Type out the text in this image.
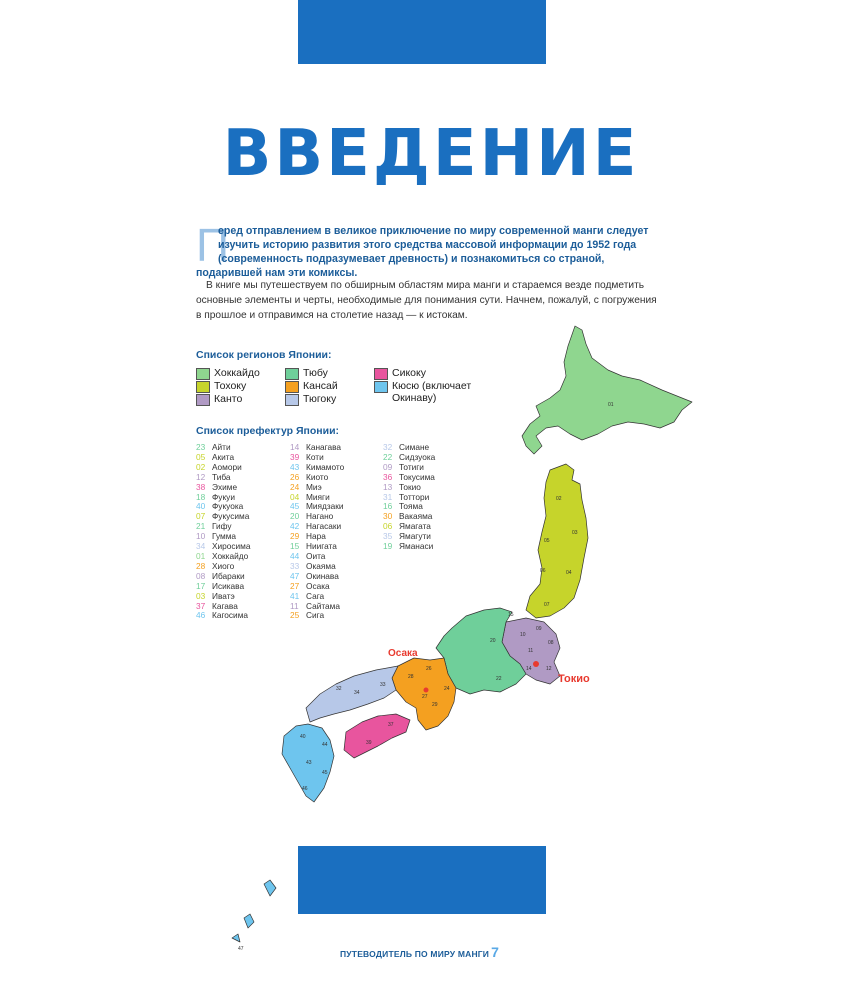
ВВЕДЕНИЕ
П

еред отправлением в великое приключение по миру современной манги следует изучить историю развития этого средства массовой информации до 1952 года (современность подразумевает древность) и познакомиться со страной, подарившей нам эти комиксы.

В книге мы путешествуем по обширным областям мира манги и стараемся везде подметить основные элементы и черты, необходимые для понимания сути. Начнем, пожалуй, с погружения в прошлое и отправимся на столетие назад — к истокам.

Список регионов Японии:
Хоккайдо
Тохоку
Канто
Тюбу
Кансай
Тюгоку
Сикоку
Кюсю (включает Окинаву)
Список префектур Японии:
23 Айти
05 Акита
02 Аомори
12 Тиба
38 Эхиме
18 Фукуи
40 Фукуока
07 Фукусима
21 Гифу
10 Гумма
34 Хиросима
01 Хоккайдо
28 Хиого
08 Ибараки
17 Исикава
03 Иватэ
37 Кагава
46 Кагосима
14 Канагава
39 Коти
43 Кимамото
26 Киото
24 Миэ
04 Мияги
45 Миядзаки
20 Нагано
42 Нагасаки
29 Нара
15 Ниигата
44 Оита
33 Окаяма
47 Окинава
27 Осака
41 Сага
11 Сайтама
25 Сига
32 Симане
22 Сидзуока
09 Тотиги
36 Токусима
13 Токио
31 Тоттори
16 Тояма
30 Вакаяма
06 Ямагата
35 Ямагути
19 Яманаси
Осака
Токио
01
02
03
04
05
06
07
15
20
22
10
09
08
11
12
14
28
27
29
24
26
33
34
32
37
39
40
43
46
45
44
47	ПУТЕВОДИТЕЛЬ ПО МИРУ МАНГИ 7
